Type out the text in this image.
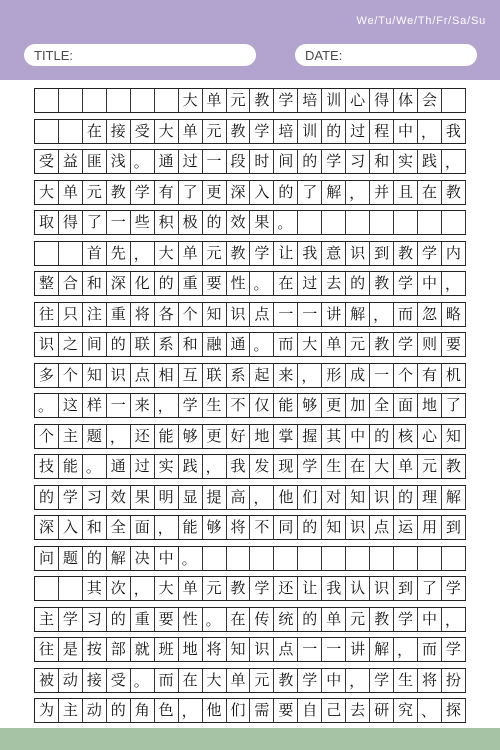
We/Tu/We/Th/Fr/Sa/Su
TITLE:	DATE:
大 单 元 教 学 培 训 心 得 体 会
在 接 受 大 单 元 教 学 培 训 的 过 程 中 ， 我
受 益 匪 浅 。 通 过 一 段 时 间 的 学 习 和 实 践 ，
大 单 元 教 学 有 了 更 深 入 的 了 解 ， 并 且 在 教
取 得 了 一 些 积 极 的 效 果 。
首 先 ， 大 单 元 教 学 让 我 意 识 到 教 学 内
整 合 和 深 化 的 重 要 性 。 在 过 去 的 教 学 中 ，
往 只 注 重 将 各 个 知 识 点 一 一 讲 解 ， 而 忽 略
识 之 间 的 联 系 和 融 通 。 而 大 单 元 教 学 则 要
多 个 知 识 点 相 互 联 系 起 来 ， 形 成 一 个 有 机
。 这 样 一 来 ， 学 生 不 仅 能 够 更 加 全 面 地 了
个 主 题 ， 还 能 够 更 好 地 掌 握 其 中 的 核 心 知
技 能 。 通 过 实 践 ， 我 发 现 学 生 在 大 单 元 教
的 学 习 效 果 明 显 提 高 ， 他 们 对 知 识 的 理 解
深 入 和 全 面 ， 能 够 将 不 同 的 知 识 点 运 用 到
问 题 的 解 决 中 。
其 次 ， 大 单 元 教 学 还 让 我 认 识 到 了 学
主 学 习 的 重 要 性 。 在 传 统 的 单 元 教 学 中 ，
往 是 按 部 就 班 地 将 知 识 点 一 一 讲 解 ， 而 学
被 动 接 受 。 而 在 大 单 元 教 学 中 ， 学 生 将 扮
为 主 动 的 角 色 ， 他 们 需 要 自 己 去 研 究 、 探
